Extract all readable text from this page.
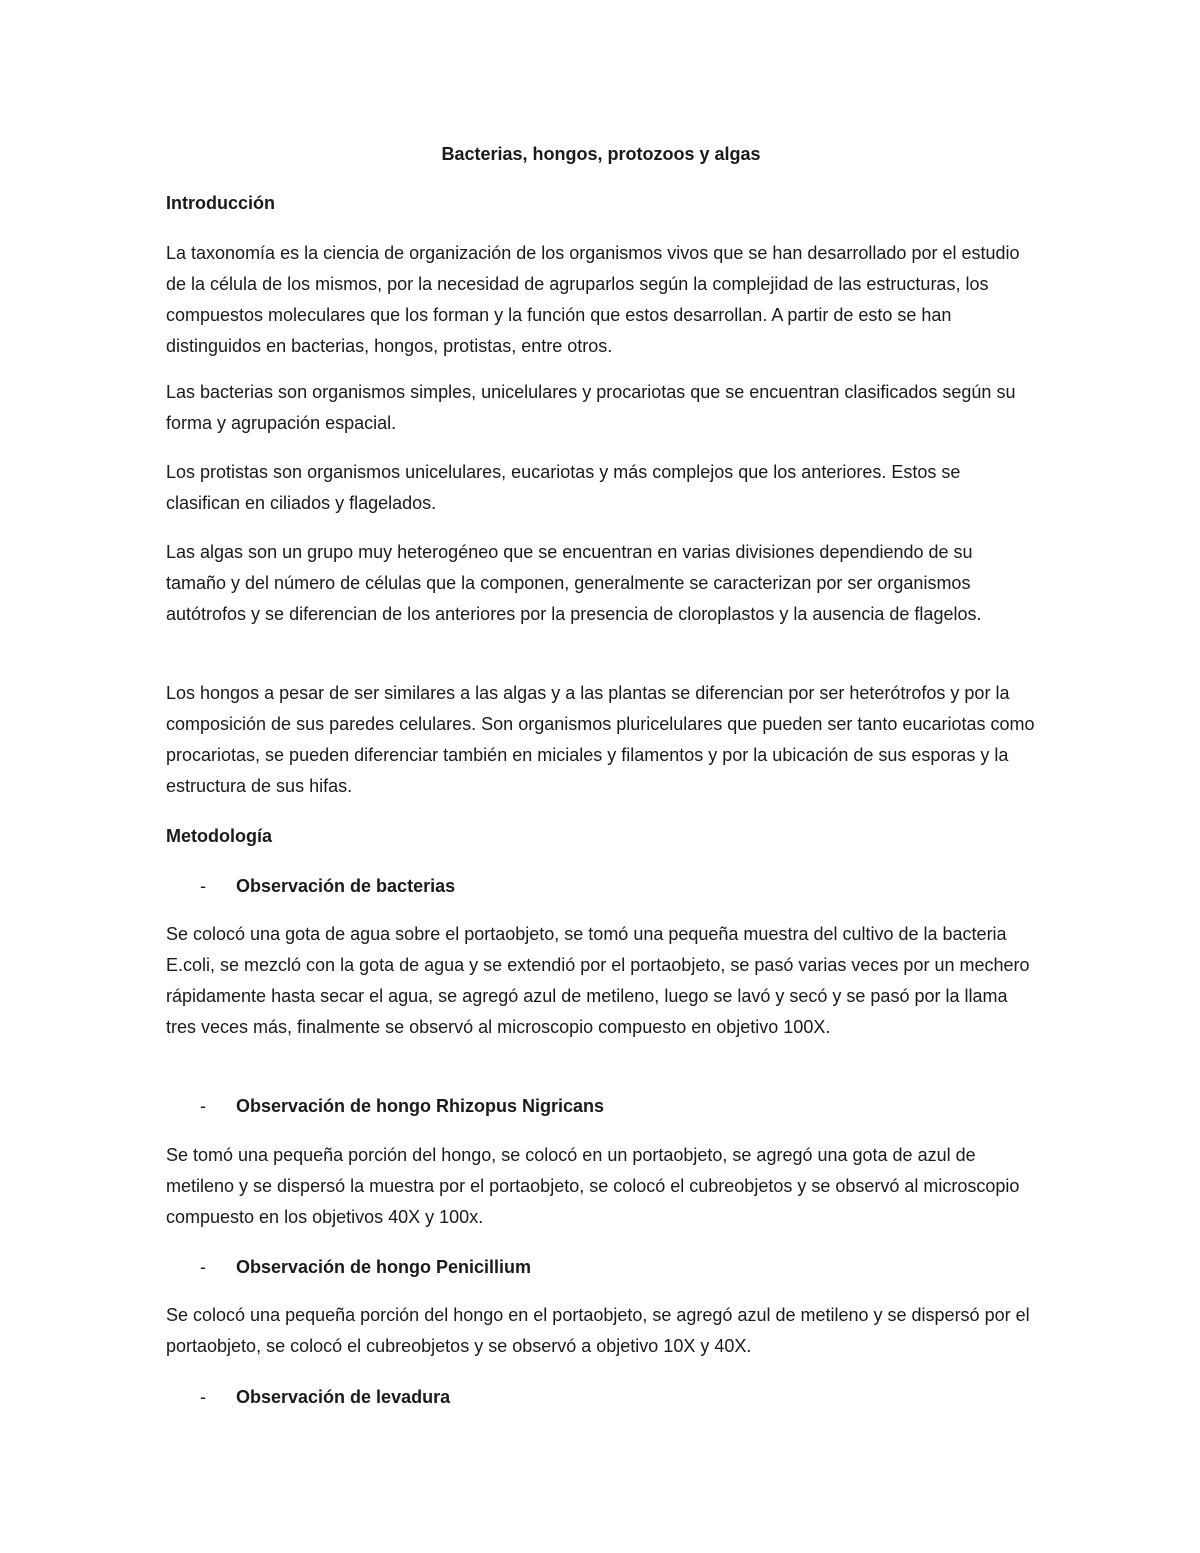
Bacterias, hongos, protozoos y algas
Introducción

La taxonomía es la ciencia de organización de los organismos vivos que se han desarrollado por el estudio de la célula de los mismos, por la necesidad de agruparlos según la complejidad de las estructuras, los compuestos moleculares que los forman y la función que estos desarrollan. A partir de esto se han distinguidos en bacterias, hongos, protistas, entre otros.

Las bacterias son organismos simples, unicelulares y procariotas que se encuentran clasificados según su forma y agrupación espacial.

Los protistas son organismos unicelulares, eucariotas y más complejos que los anteriores. Estos se clasifican en ciliados y flagelados.

Las algas son un grupo muy heterogéneo que se encuentran en varias divisiones dependiendo de su tamaño y del número de células que la componen, generalmente se caracterizan por ser organismos autótrofos y se diferencian de los anteriores por la presencia de cloroplastos y la ausencia de flagelos.

Los hongos a pesar de ser similares a las algas y a las plantas se diferencian por ser heterótrofos y por la composición de sus paredes celulares. Son organismos pluricelulares que pueden ser tanto eucariotas como procariotas, se pueden diferenciar también en miciales y filamentos y por la ubicación de sus esporas y la estructura de sus hifas.

Metodología
-	Observación de bacterias

Se colocó una gota de agua sobre el portaobjeto, se tomó una pequeña muestra del cultivo de la bacteria E.coli, se mezcló con la gota de agua y se extendió por el portaobjeto, se pasó varias veces por un mechero rápidamente hasta secar el agua, se agregó azul de metileno, luego se lavó y secó y se pasó por la llama tres veces más, finalmente se observó al microscopio compuesto en objetivo 100X.

-	Observación de hongo Rhizopus Nigricans

Se tomó una pequeña porción del hongo, se colocó en un portaobjeto, se agregó una gota de azul de metileno y se dispersó la muestra por el portaobjeto, se colocó el cubreobjetos y se observó al microscopio compuesto en los objetivos 40X y 100x.

-	Observación de hongo Penicillium

Se colocó una pequeña porción del hongo en el portaobjeto, se agregó azul de metileno y se dispersó por el portaobjeto, se colocó el cubreobjetos y se observó a objetivo 10X y 40X.

-	Observación de levadura
